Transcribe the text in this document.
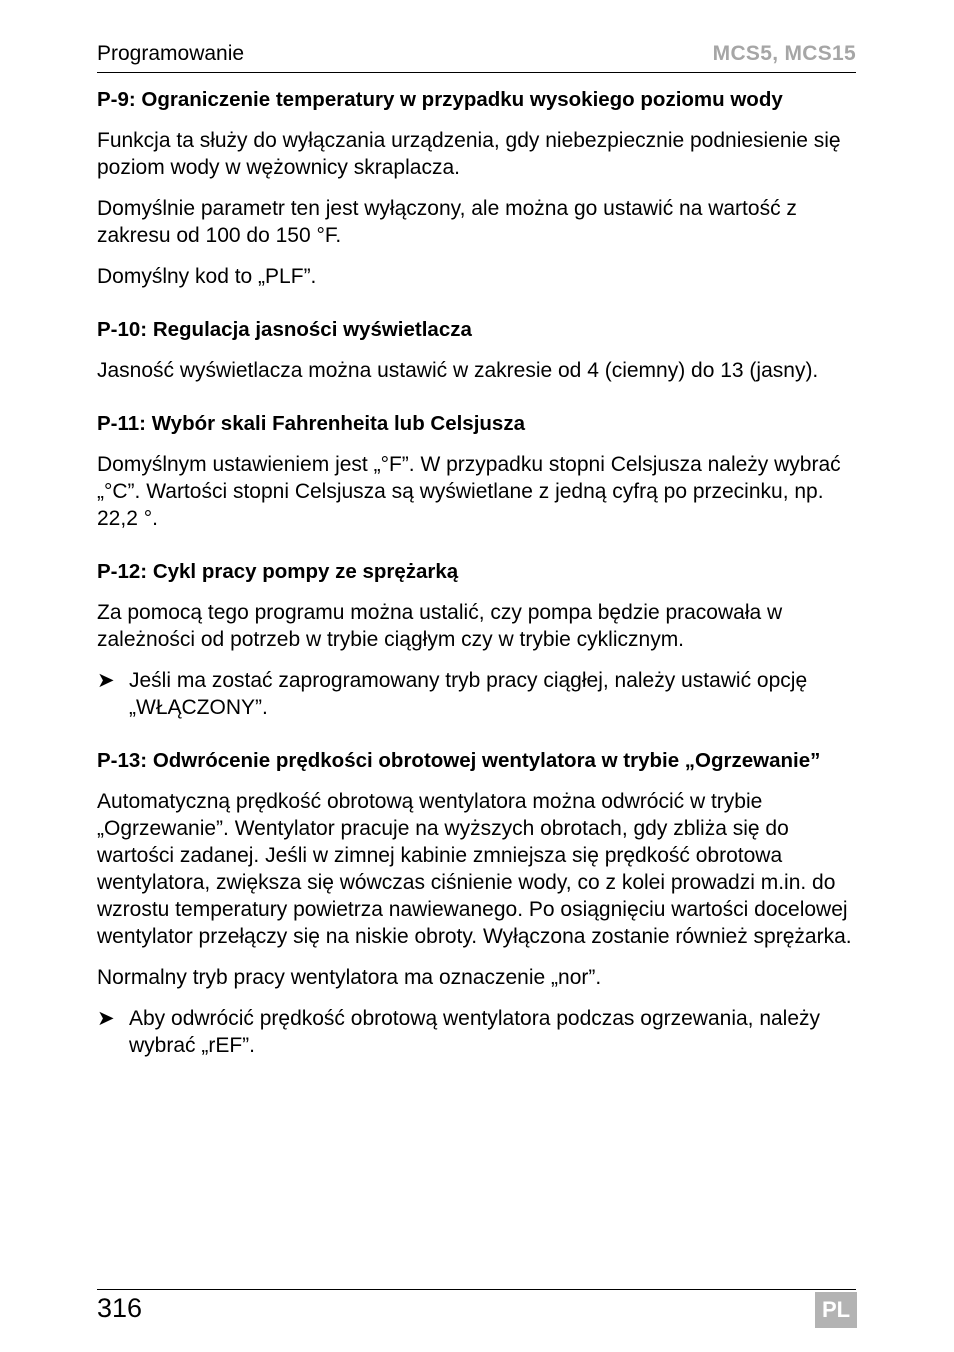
Programowanie	MCS5, MCS15
P-9: Ograniczenie temperatury w przypadku wysokiego poziomu wody

Funkcja ta służy do wyłączania urządzenia, gdy niebezpiecznie podniesienie się poziom wody w wężownicy skraplacza.

Domyślnie parametr ten jest wyłączony, ale można go ustawić na wartość z zakresu od 100 do 150 °F.

Domyślny kod to „PLF”.

P-10: Regulacja jasności wyświetlacza

Jasność wyświetlacza można ustawić w zakresie od 4 (ciemny) do 13 (jasny).

P-11: Wybór skali Fahrenheita lub Celsjusza

Domyślnym ustawieniem jest „°F”. W przypadku stopni Celsjusza należy wybrać „°C”. Wartości stopni Celsjusza są wyświetlane z jedną cyfrą po przecinku, np. 22,2 °.

P-12: Cykl pracy pompy ze sprężarką

Za pomocą tego programu można ustalić, czy pompa będzie pracowała w zależności od potrzeb w trybie ciągłym czy w trybie cyklicznym.

➤ Jeśli ma zostać zaprogramowany tryb pracy ciągłej, należy ustawić opcję „WŁĄCZONY”.
P-13: Odwrócenie prędkości obrotowej wentylatora w trybie „Ogrzewanie”

Automatyczną prędkość obrotową wentylatora można odwrócić w trybie „Ogrzewanie”. Wentylator pracuje na wyższych obrotach, gdy zbliża się do wartości zadanej. Jeśli w zimnej kabinie zmniejsza się prędkość obrotowa wentylatora, zwiększa się wówczas ciśnienie wody, co z kolei prowadzi m.in. do wzrostu temperatury powietrza nawiewanego. Po osiągnięciu wartości docelowej wentylator przełączy się na niskie obroty. Wyłączona zostanie również sprężarka.

Normalny tryb pracy wentylatora ma oznaczenie „nor”.

➤ Aby odwrócić prędkość obrotową wentylatora podczas ogrzewania, należy wybrać „rEF”.
316	PL
